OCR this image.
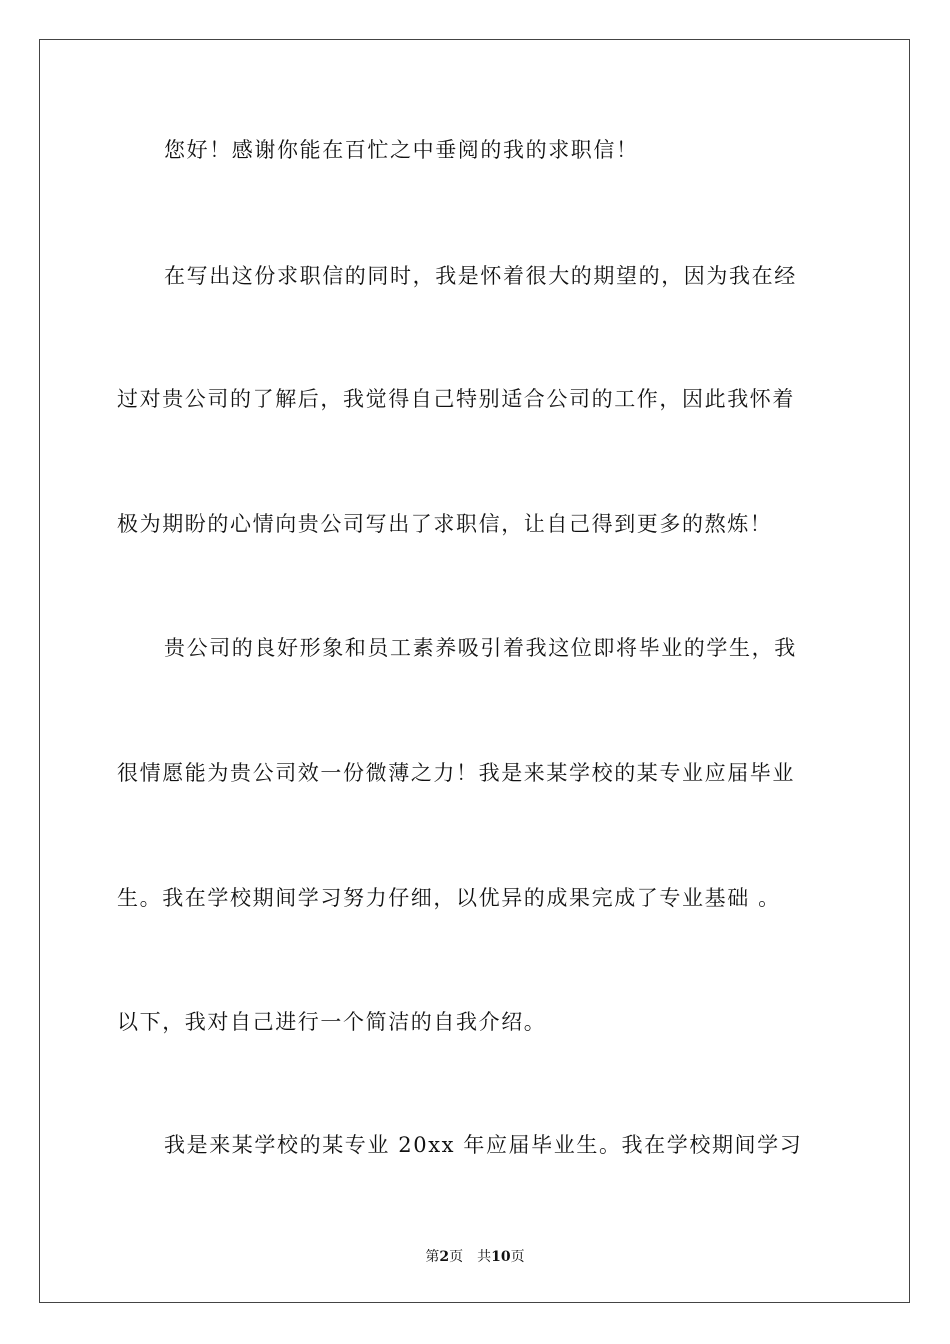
您好！感谢你能在百忙之中垂阅的我的求职信！
在写出这份求职信的同时，我是怀着很大的期望的，因为我在经
过对贵公司的了解后，我觉得自己特别适合公司的工作，因此我怀着
极为期盼的心情向贵公司写出了求职信，让自己得到更多的熬炼！
贵公司的良好形象和员工素养吸引着我这位即将毕业的学生，我
很情愿能为贵公司效一份微薄之力！我是来某学校的某专业应届毕业
生。我在学校期间学习努力仔细，以优异的成果完成了专业基础 。
以下，我对自己进行一个简洁的自我介绍。
我是来某学校的某专业 20xx 年应届毕业生。我在学校期间学习
第2页 共10页
